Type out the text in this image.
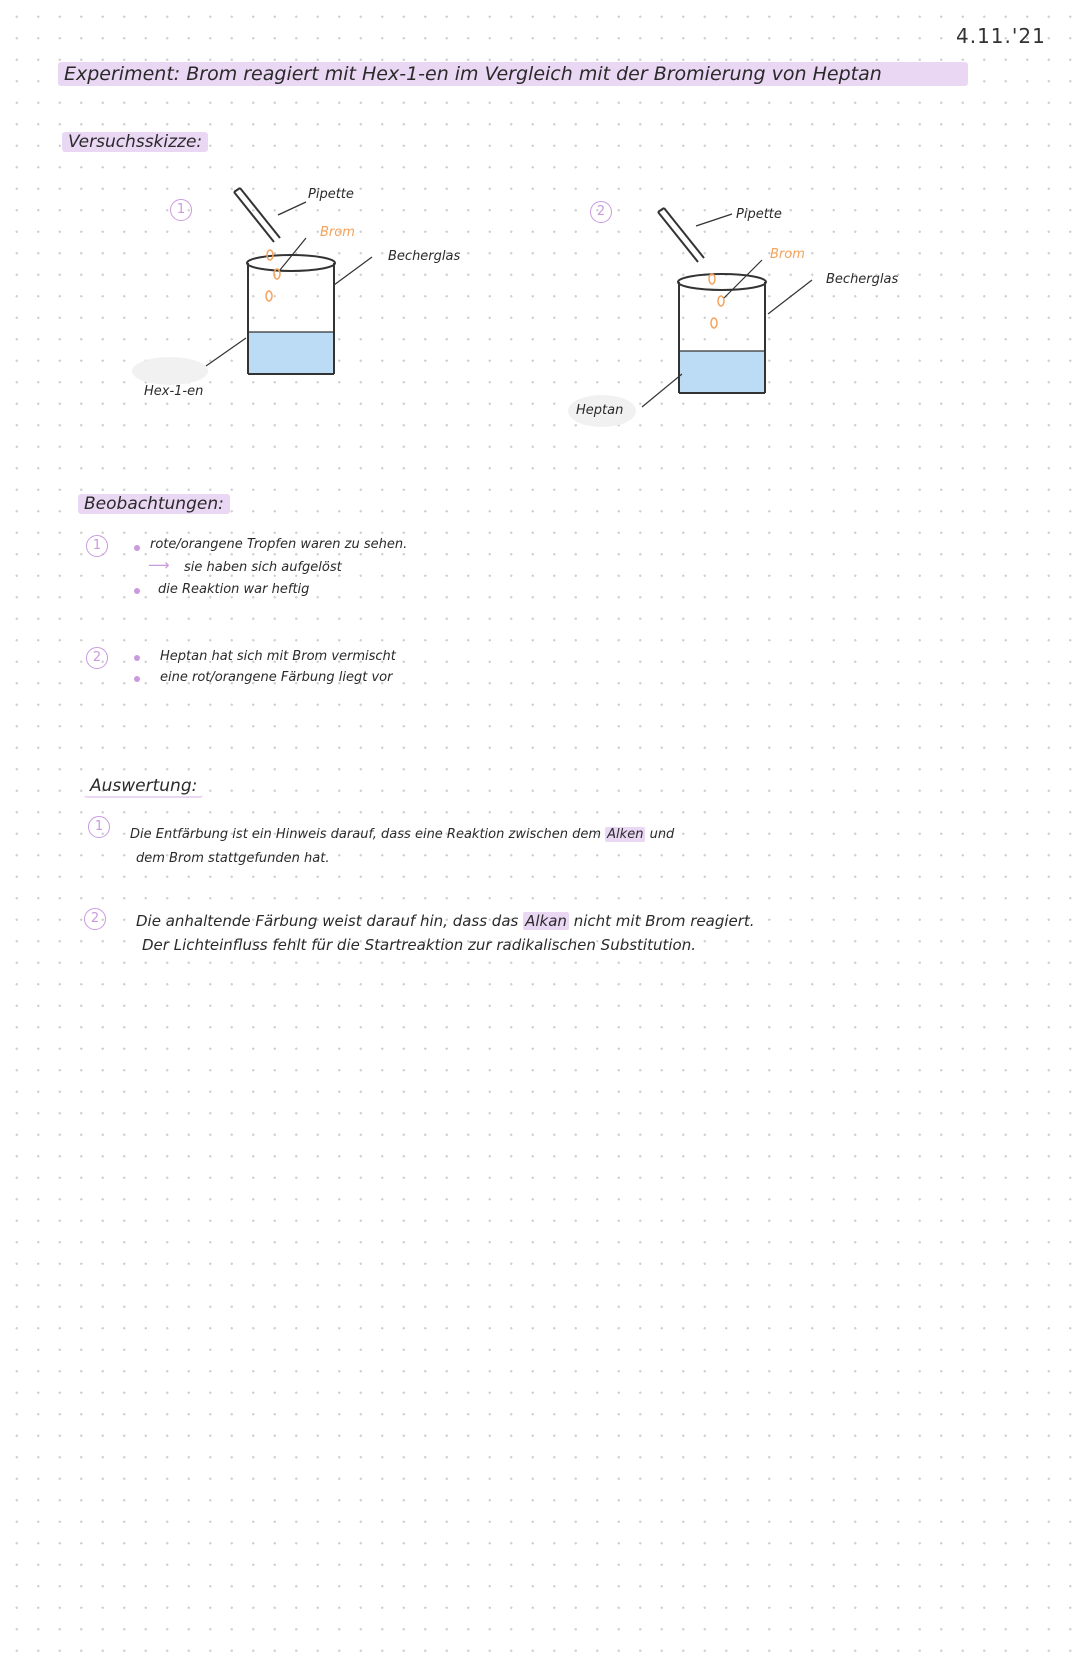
4.11.'21
Experiment: Brom reagiert mit Hex-1-en im Vergleich mit der Bromierung von Heptan
Versuchsskizze:
1
Pipette
Brom
Becherglas
Hex-1-en
2	Pipette
Brom
Becherglas
Heptan
Beobachtungen:
1	rote/orangene Tropfen waren zu sehen.
⟶ sie haben sich aufgelöst
die Reaktion war heftig
2	Heptan hat sich mit Brom vermischt
eine rot/orangene Färbung liegt vor
Auswertung:
1
Die Entfärbung ist ein Hinweis darauf, dass eine Reaktion zwischen dem Alken und
dem Brom stattgefunden hat.
2	Die anhaltende Färbung weist darauf hin, dass das Alkan nicht mit Brom reagiert.
Der Lichteinfluss fehlt für die Startreaktion zur radikalischen Substitution.
